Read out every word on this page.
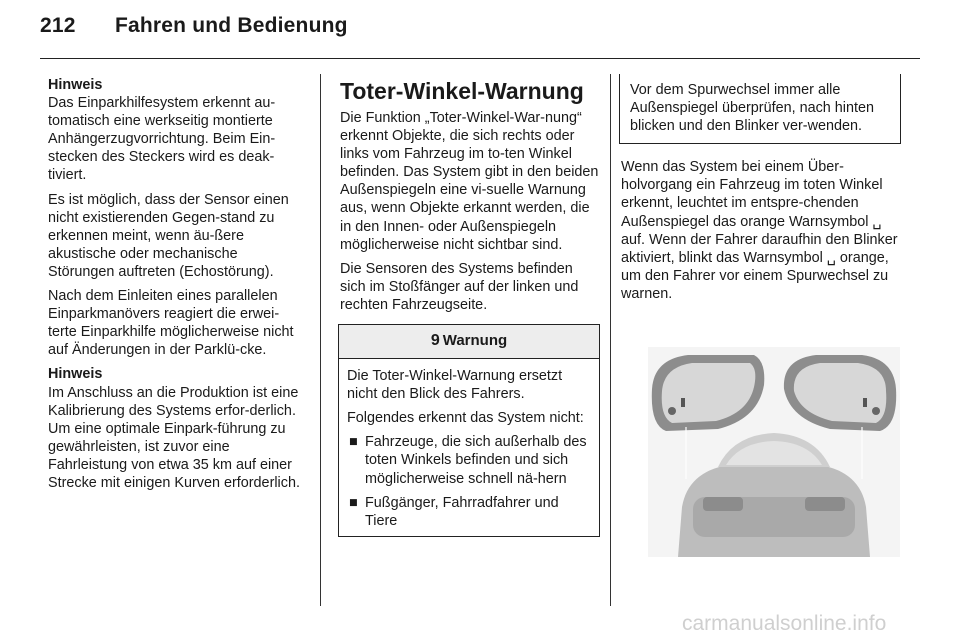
212 Fahren und Bedienung

Hinweis
Das Einparkhilfesystem erkennt au-tomatisch eine werkseitig montierte Anhängerzugvorrichtung. Beim Ein-stecken des Steckers wird es deak-tiviert.

Es ist möglich, dass der Sensor einen nicht existierenden Gegen-stand zu erkennen meint, wenn äu-ßere akustische oder mechanische Störungen auftreten (Echostörung).

Nach dem Einleiten eines parallelen Einparkmanövers reagiert die erwei-terte Einparkhilfe möglicherweise nicht auf Änderungen in der Parklü-cke.

Hinweis
Im Anschluss an die Produktion ist eine Kalibrierung des Systems erfor-derlich. Um eine optimale Einpark-führung zu gewährleisten, ist zuvor eine Fahrleistung von etwa 35 km auf einer Strecke mit einigen Kurven erforderlich.

Toter-Winkel-Warnung

Die Funktion „Toter-Winkel-War-nung“ erkennt Objekte, die sich rechts oder links vom Fahrzeug im to-ten Winkel befinden. Das System gibt in den beiden Außenspiegeln eine vi-suelle Warnung aus, wenn Objekte erkannt werden, die in den Innen- oder Außenspiegeln möglicherweise nicht sichtbar sind.

Die Sensoren des Systems befinden sich im Stoßfänger auf der linken und rechten Fahrzeugseite.

9 Warnung

Die Toter-Winkel-Warnung ersetzt nicht den Blick des Fahrers.

Folgendes erkennt das System nicht:

■ Fahrzeuge, die sich außerhalb des toten Winkels befinden und sich möglicherweise schnell nä-hern
■ Fußgänger, Fahrradfahrer und Tiere
Vor dem Spurwechsel immer alle Außenspiegel überprüfen, nach hinten blicken und den Blinker ver-wenden.

Wenn das System bei einem Über-holvorgang ein Fahrzeug im toten Winkel erkennt, leuchtet im entspre-chenden Außenspiegel das orange Warnsymbol ␣ auf. Wenn der Fahrer daraufhin den Blinker aktiviert, blinkt das Warnsymbol ␣ orange, um den Fahrer vor einem Spurwechsel zu warnen.

carmanualsonline.info
